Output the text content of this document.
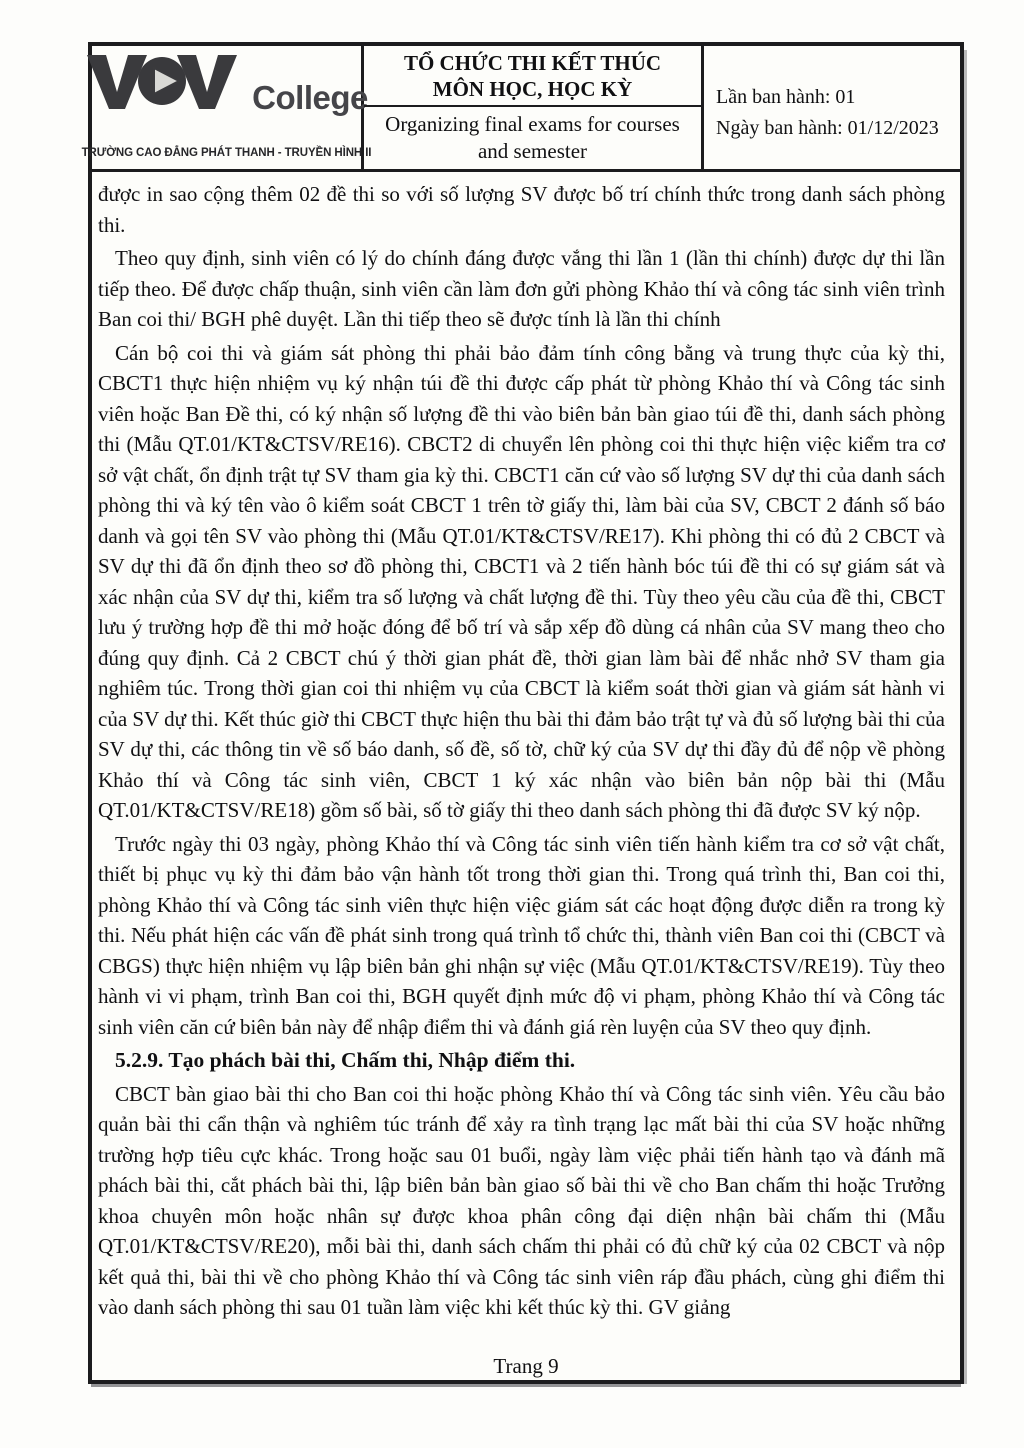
College
TRƯỜNG CAO ĐẲNG PHÁT THANH - TRUYỀN HÌNH II
TỔ CHỨC THI KẾT THÚC
MÔN HỌC, HỌC KỲ
Organizing final exams for courses and semester
Lần ban hành: 01
Ngày ban hành: 01/12/2023

được in sao cộng thêm 02 đề thi so với số lượng SV được bố trí chính thức trong danh sách phòng thi.

Theo quy định, sinh viên có lý do chính đáng được vắng thi lần 1 (lần thi chính) được dự thi lần tiếp theo. Để được chấp thuận, sinh viên cần làm đơn gửi phòng Khảo thí và công tác sinh viên trình Ban coi thi/ BGH phê duyệt. Lần thi tiếp theo sẽ được tính là lần thi chính

Cán bộ coi thi và giám sát phòng thi phải bảo đảm tính công bằng và trung thực của kỳ thi, CBCT1 thực hiện nhiệm vụ ký nhận túi đề thi được cấp phát từ phòng Khảo thí và Công tác sinh viên hoặc Ban Đề thi, có ký nhận số lượng đề thi vào biên bản bàn giao túi đề thi, danh sách phòng thi (Mẫu QT.01/KT&CTSV/RE16). CBCT2 di chuyển lên phòng coi thi thực hiện việc kiểm tra cơ sở vật chất, ổn định trật tự SV tham gia kỳ thi. CBCT1 căn cứ vào số lượng SV dự thi của danh sách phòng thi và ký tên vào ô kiểm soát CBCT 1 trên tờ giấy thi, làm bài của SV, CBCT 2 đánh số báo danh và gọi tên SV vào phòng thi (Mẫu QT.01/KT&CTSV/RE17). Khi phòng thi có đủ 2 CBCT và SV dự thi đã ổn định theo sơ đồ phòng thi, CBCT1 và 2 tiến hành bóc túi đề thi có sự giám sát và xác nhận của SV dự thi, kiểm tra số lượng và chất lượng đề thi. Tùy theo yêu cầu của đề thi, CBCT lưu ý trường hợp đề thi mở hoặc đóng để bố trí và sắp xếp đồ dùng cá nhân của SV mang theo cho đúng quy định. Cả 2 CBCT chú ý thời gian phát đề, thời gian làm bài để nhắc nhở SV tham gia nghiêm túc. Trong thời gian coi thi nhiệm vụ của CBCT là kiểm soát thời gian và giám sát hành vi của SV dự thi. Kết thúc giờ thi CBCT thực hiện thu bài thi đảm bảo trật tự và đủ số lượng bài thi của SV dự thi, các thông tin về số báo danh, số đề, số tờ, chữ ký của SV dự thi đầy đủ để nộp về phòng Khảo thí và Công tác sinh viên, CBCT 1 ký xác nhận vào biên bản nộp bài thi (Mẫu QT.01/KT&CTSV/RE18) gồm số bài, số tờ giấy thi theo danh sách phòng thi đã được SV ký nộp.

Trước ngày thi 03 ngày, phòng Khảo thí và Công tác sinh viên tiến hành kiểm tra cơ sở vật chất, thiết bị phục vụ kỳ thi đảm bảo vận hành tốt trong thời gian thi. Trong quá trình thi, Ban coi thi, phòng Khảo thí và Công tác sinh viên thực hiện việc giám sát các hoạt động được diễn ra trong kỳ thi. Nếu phát hiện các vấn đề phát sinh trong quá trình tổ chức thi, thành viên Ban coi thi (CBCT và CBGS) thực hiện nhiệm vụ lập biên bản ghi nhận sự việc (Mẫu QT.01/KT&CTSV/RE19). Tùy theo hành vi vi phạm, trình Ban coi thi, BGH quyết định mức độ vi phạm, phòng Khảo thí và Công tác sinh viên căn cứ biên bản này để nhập điểm thi và đánh giá rèn luyện của SV theo quy định.

5.2.9. Tạo phách bài thi, Chấm thi, Nhập điểm thi.

CBCT bàn giao bài thi cho Ban coi thi hoặc phòng Khảo thí và Công tác sinh viên. Yêu cầu bảo quản bài thi cẩn thận và nghiêm túc tránh để xảy ra tình trạng lạc mất bài thi của SV hoặc những trường hợp tiêu cực khác. Trong hoặc sau 01 buổi, ngày làm việc phải tiến hành tạo và đánh mã phách bài thi, cắt phách bài thi, lập biên bản bàn giao số bài thi về cho Ban chấm thi hoặc Trưởng khoa chuyên môn hoặc nhân sự được khoa phân công đại diện nhận bài chấm thi (Mẫu QT.01/KT&CTSV/RE20), mỗi bài thi, danh sách chấm thi phải có đủ chữ ký của 02 CBCT và nộp kết quả thi, bài thi về cho phòng Khảo thí và Công tác sinh viên ráp đầu phách, cùng ghi điểm thi vào danh sách phòng thi sau 01 tuần làm việc khi kết thúc kỳ thi. GV giảng

Trang 9
